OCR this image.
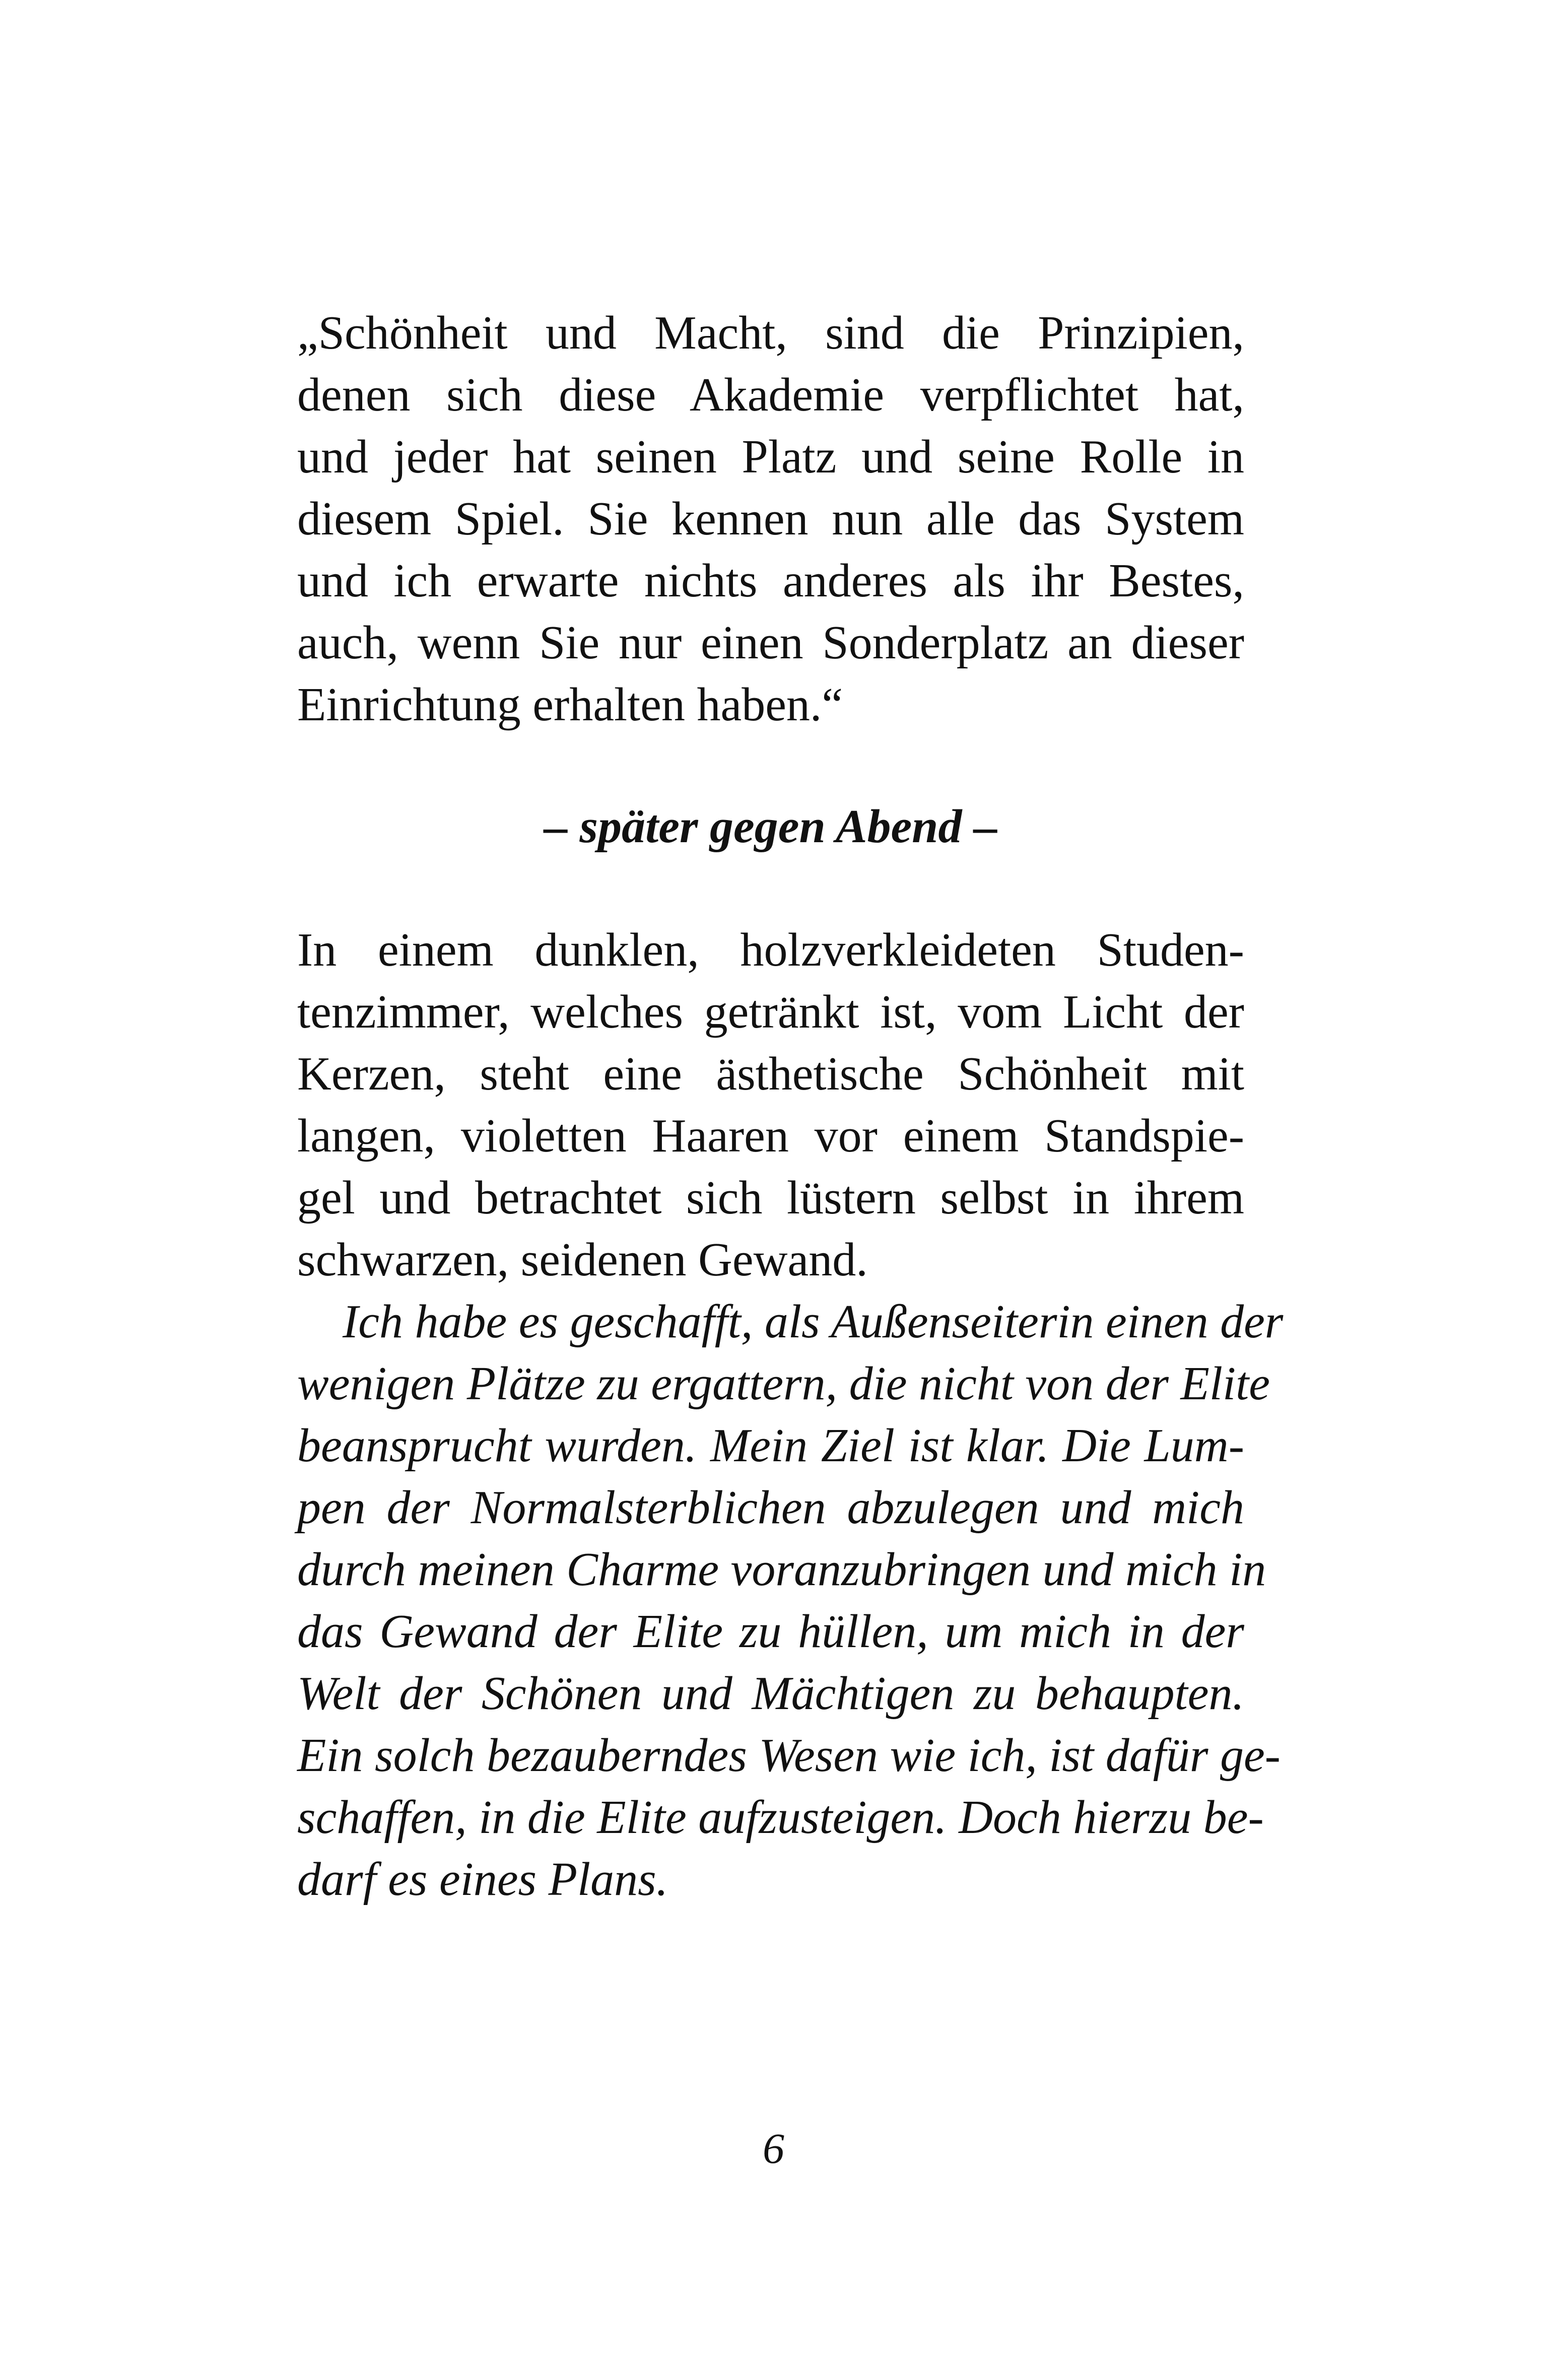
„Schönheit und Macht, sind die Prinzipien,
denen sich diese Akademie verpflichtet hat,
und jeder hat seinen Platz und seine Rolle in
diesem Spiel. Sie kennen nun alle das System
und ich erwarte nichts anderes als ihr Bestes,
auch, wenn Sie nur einen Sonderplatz an dieser
Einrichtung erhalten haben.“
– später gegen Abend –
In einem dunklen, holzverkleideten Studen-
tenzimmer, welches getränkt ist, vom Licht der
Kerzen, steht eine ästhetische Schönheit mit
langen, violetten Haaren vor einem Standspie-
gel und betrachtet sich lüstern selbst in ihrem
schwarzen, seidenen Gewand.
Ich habe es geschafft, als Außenseiterin einen der
wenigen Plätze zu ergattern, die nicht von der Elite
beansprucht wurden. Mein Ziel ist klar. Die Lum-
pen der Normalsterblichen abzulegen und mich
durch meinen Charme voranzubringen und mich in
das Gewand der Elite zu hüllen, um mich in der
Welt der Schönen und Mächtigen zu behaupten.
Ein solch bezauberndes Wesen wie ich, ist dafür ge-
schaffen, in die Elite aufzusteigen. Doch hierzu be-
darf es eines Plans.
6
